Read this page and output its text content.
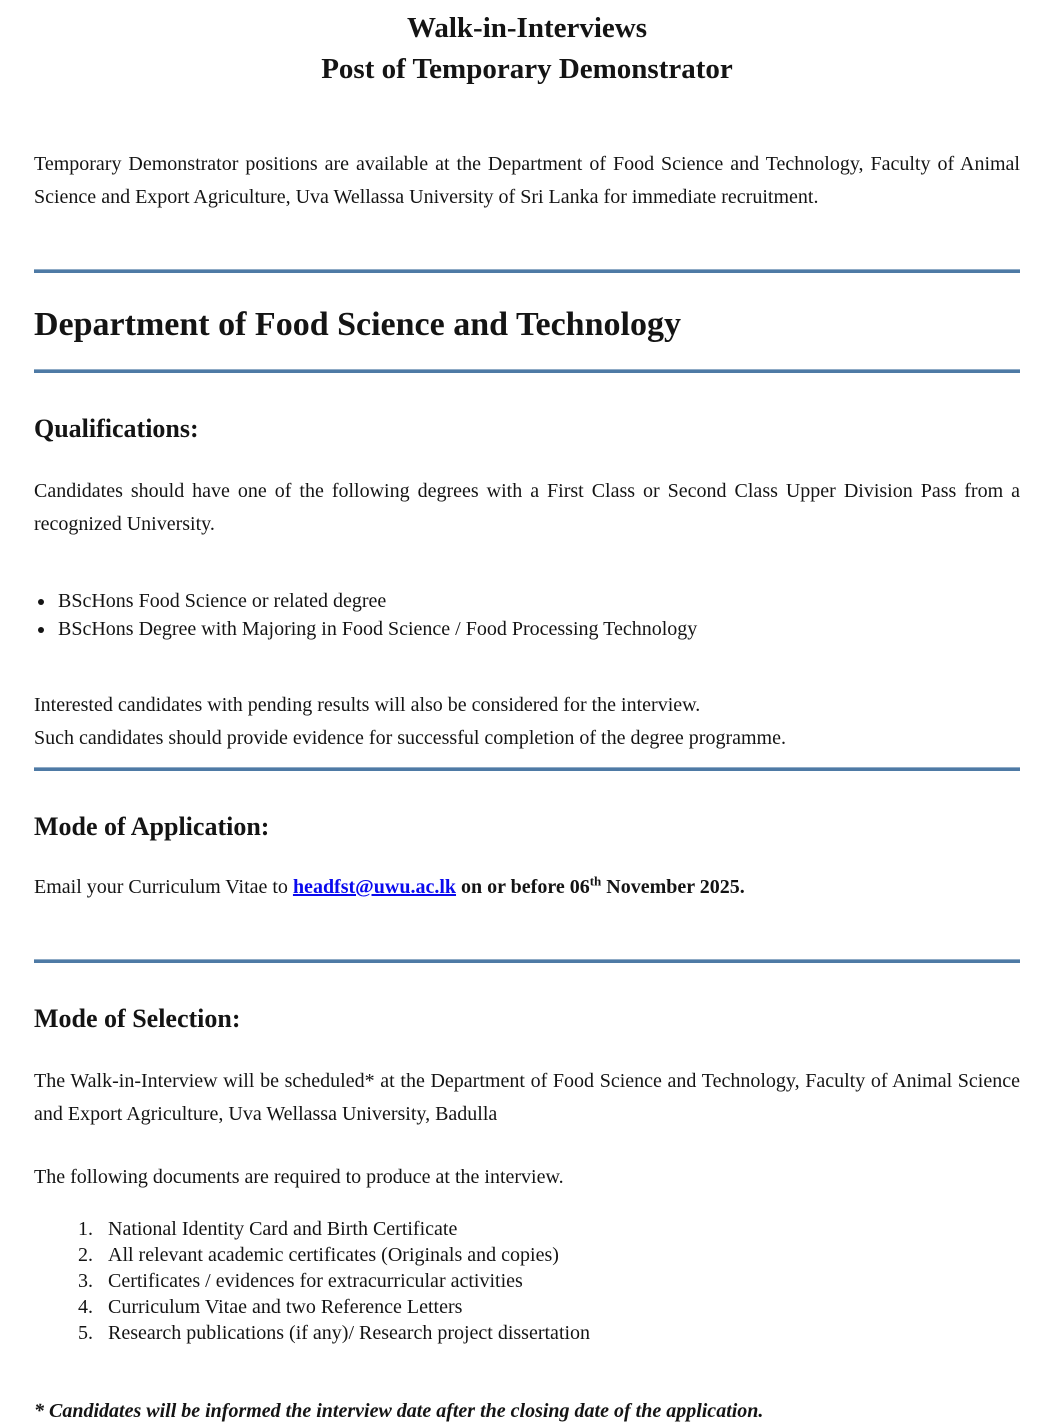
Walk-in-Interviews
Post of Temporary Demonstrator

Temporary Demonstrator positions are available at the Department of Food Science and Technology, Faculty of Animal Science and Export Agriculture, Uva Wellassa University of Sri Lanka for immediate recruitment.

Department of Food Science and Technology
Qualifications:

Candidates should have one of the following degrees with a First Class or Second Class Upper Division Pass from a recognized University.

• BScHons Food Science or related degree
• BScHons Degree with Majoring in Food Science / Food Processing Technology
Interested candidates with pending results will also be considered for the interview.
Such candidates should provide evidence for successful completion of the degree programme.
Mode of Application:

Email your Curriculum Vitae to headfst@uwu.ac.lk on or before 06th November 2025.

Mode of Selection:

The Walk-in-Interview will be scheduled* at the Department of Food Science and Technology, Faculty of Animal Science and Export Agriculture, Uva Wellassa University, Badulla

The following documents are required to produce at the interview.

1. National Identity Card and Birth Certificate
2. All relevant academic certificates (Originals and copies)
3. Certificates / evidences for extracurricular activities
4. Curriculum Vitae and two Reference Letters
5. Research publications (if any)/ Research project dissertation

* Candidates will be informed the interview date after the closing date of the application.
